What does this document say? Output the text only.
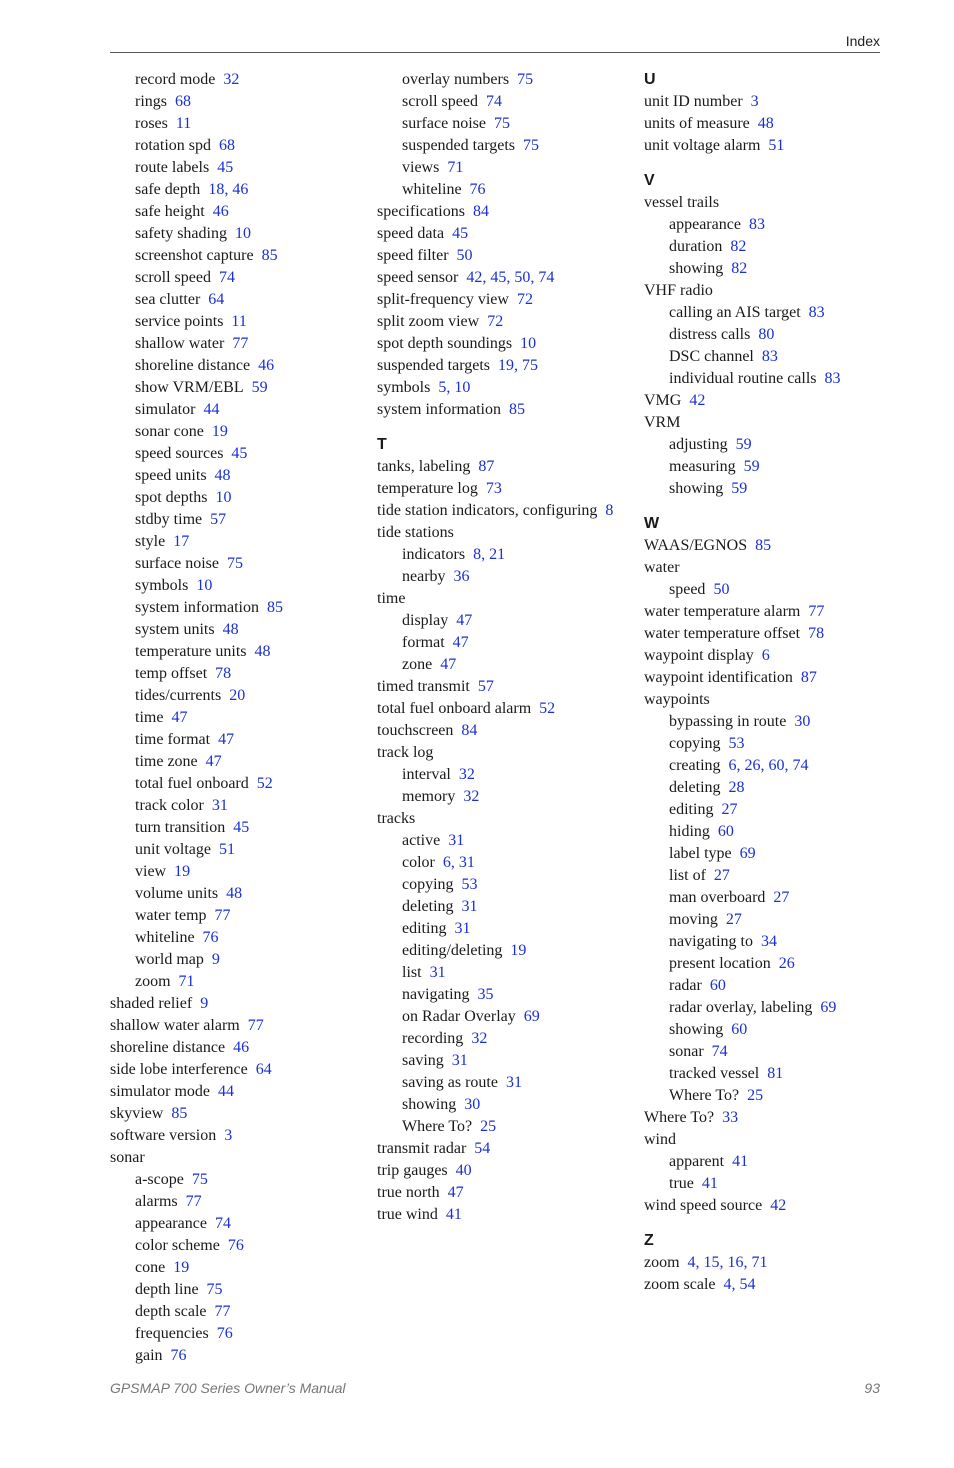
Index
record mode 32
rings 68
roses 11
rotation spd 68
route labels 45
safe depth 18, 46
safe height 46
safety shading 10
screenshot capture 85
scroll speed 74
sea clutter 64
service points 11
shallow water 77
shoreline distance 46
show VRM/EBL 59
simulator 44
sonar cone 19
speed sources 45
speed units 48
spot depths 10
stdby time 57
style 17
surface noise 75
symbols 10
system information 85
system units 48
temperature units 48
temp offset 78
tides/currents 20
time 47
time format 47
time zone 47
total fuel onboard 52
track color 31
turn transition 45
unit voltage 51
view 19
volume units 48
water temp 77
whiteline 76
world map 9
zoom 71
shaded relief 9
shallow water alarm 77
shoreline distance 46
side lobe interference 64
simulator mode 44
skyview 85
software version 3
sonar
a-scope 75
alarms 77
appearance 74
color scheme 76
cone 19
depth line 75
depth scale 77
frequencies 76
gain 76
overlay numbers 75
scroll speed 74
surface noise 75
suspended targets 75
views 71
whiteline 76
specifications 84
speed data 45
speed filter 50
speed sensor 42, 45, 50, 74
split-frequency view 72
split zoom view 72
spot depth soundings 10
suspended targets 19, 75
symbols 5, 10
system information 85
T
tanks, labeling 87
temperature log 73
tide station indicators, configuring 8
tide stations
indicators 8, 21
nearby 36
time
display 47
format 47
zone 47
timed transmit 57
total fuel onboard alarm 52
touchscreen 84
track log
interval 32
memory 32
tracks
active 31
color 6, 31
copying 53
deleting 31
editing 31
editing/deleting 19
list 31
navigating 35
on Radar Overlay 69
recording 32
saving 31
saving as route 31
showing 30
Where To? 25
transmit radar 54
trip gauges 40
true north 47
true wind 41
U
unit ID number 3
units of measure 48
unit voltage alarm 51
V
vessel trails
appearance 83
duration 82
showing 82
VHF radio
calling an AIS target 83
distress calls 80
DSC channel 83
individual routine calls 83
VMG 42
VRM
adjusting 59
measuring 59
showing 59
W
WAAS/EGNOS 85
water
speed 50
water temperature alarm 77
water temperature offset 78
waypoint display 6
waypoint identification 87
waypoints
bypassing in route 30
copying 53
creating 6, 26, 60, 74
deleting 28
editing 27
hiding 60
label type 69
list of 27
man overboard 27
moving 27
navigating to 34
present location 26
radar 60
radar overlay, labeling 69
showing 60
sonar 74
tracked vessel 81
Where To? 25
Where To? 33
wind
apparent 41
true 41
wind speed source 42
Z
zoom 4, 15, 16, 71
zoom scale 4, 54
GPSMAP 700 Series Owner’s Manual	93
